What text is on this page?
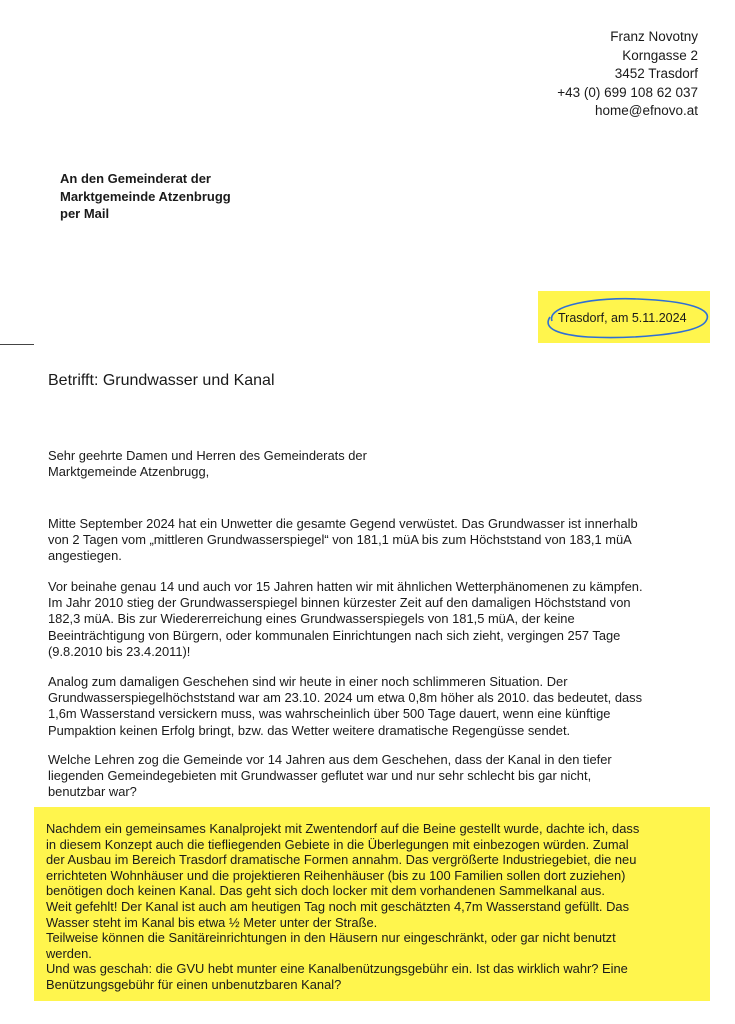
Franz Novotny
Korngasse 2
3452 Trasdorf
+43 (0) 699 108 62 037
home@efnovo.at
An den Gemeinderat der
Marktgemeinde Atzenbrugg
per Mail
Trasdorf, am 5.11.2024
Betrifft: Grundwasser und Kanal
Sehr geehrte Damen und Herren des Gemeinderats der
Marktgemeinde Atzenbrugg,
Mitte September 2024 hat ein Unwetter die gesamte Gegend verwüstet. Das Grundwasser ist innerhalb
von 2 Tagen vom „mittleren Grundwasserspiegel“ von 181,1 müA bis zum Höchststand von 183,1 müA
angestiegen.
Vor beinahe genau 14 und auch vor 15 Jahren hatten wir mit ähnlichen Wetterphänomenen zu kämpfen.
Im Jahr 2010 stieg der Grundwasserspiegel binnen kürzester Zeit auf den damaligen Höchststand von
182,3 müA. Bis zur Wiedererreichung eines Grundwasserspiegels von 181,5 müA, der keine
Beeinträchtigung von Bürgern, oder kommunalen Einrichtungen nach sich zieht, vergingen 257 Tage
(9.8.2010 bis 23.4.2011)!
Analog zum damaligen Geschehen sind wir heute in einer noch schlimmeren Situation. Der
Grundwasserspiegelhöchststand war am 23.10. 2024 um etwa 0,8m höher als 2010. das bedeutet, dass
1,6m Wasserstand versickern muss, was wahrscheinlich über 500 Tage dauert, wenn eine künftige
Pumpaktion keinen Erfolg bringt, bzw. das Wetter weitere dramatische Regengüsse sendet.
Welche Lehren zog die Gemeinde vor 14 Jahren aus dem Geschehen, dass der Kanal in den tiefer
liegenden Gemeindegebieten mit Grundwasser geflutet war und nur sehr schlecht bis gar nicht,
benutzbar war?
Nachdem ein gemeinsames Kanalprojekt mit Zwentendorf auf die Beine gestellt wurde, dachte ich, dass
in diesem Konzept auch die tiefliegenden Gebiete in die Überlegungen mit einbezogen würden. Zumal
der Ausbau im Bereich Trasdorf dramatische Formen annahm. Das vergrößerte Industriegebiet, die neu
errichteten Wohnhäuser und die projektieren Reihenhäuser (bis zu 100 Familien sollen dort zuziehen)
benötigen doch keinen Kanal. Das geht sich doch locker mit dem vorhandenen Sammelkanal aus.
Weit gefehlt! Der Kanal ist auch am heutigen Tag noch mit geschätzten 4,7m Wasserstand gefüllt. Das
Wasser steht im Kanal bis etwa ½ Meter unter der Straße.
Teilweise können die Sanitäreinrichtungen in den Häusern nur eingeschränkt, oder gar nicht benutzt
werden.
Und was geschah: die GVU hebt munter eine Kanalbenützungsgebühr ein. Ist das wirklich wahr? Eine
Benützungsgebühr für einen unbenutzbaren Kanal?
